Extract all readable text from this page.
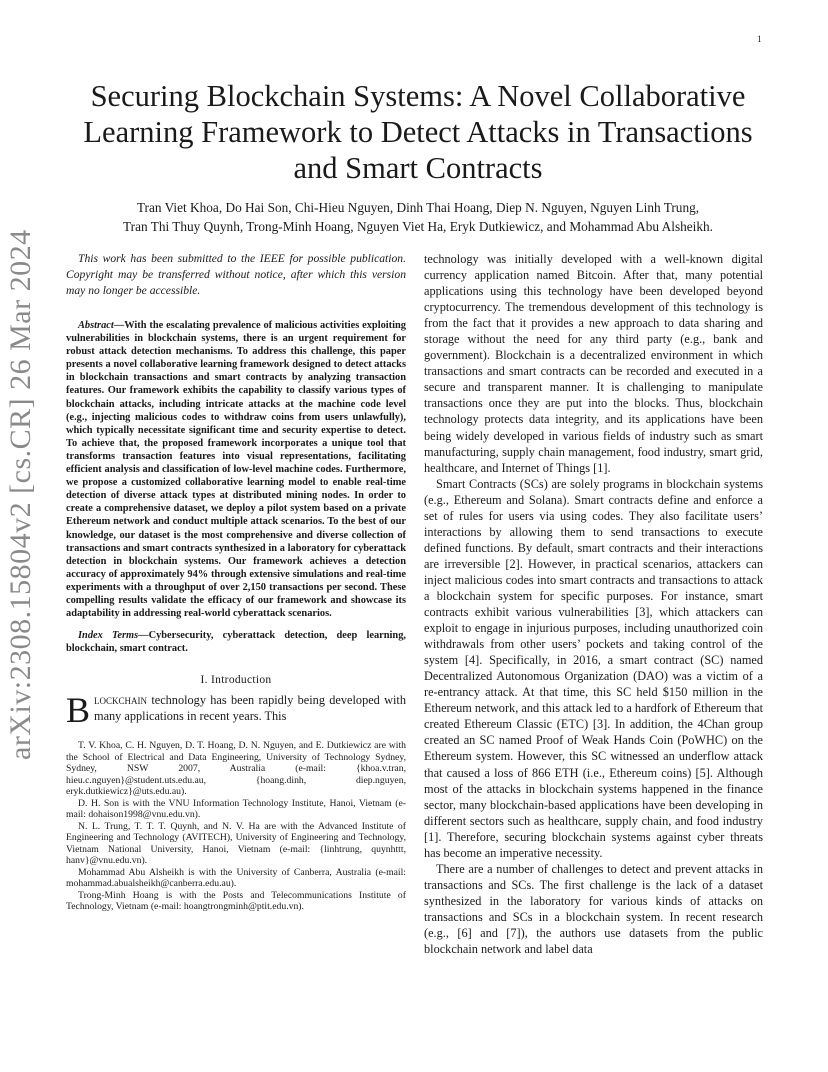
1
arXiv:2308.15804v2 [cs.CR] 26 Mar 2024
Securing Blockchain Systems: A Novel Collaborative Learning Framework to Detect Attacks in Transactions and Smart Contracts
Tran Viet Khoa, Do Hai Son, Chi-Hieu Nguyen, Dinh Thai Hoang, Diep N. Nguyen, Nguyen Linh Trung,
Tran Thi Thuy Quynh, Trong-Minh Hoang, Nguyen Viet Ha, Eryk Dutkiewicz, and Mohammad Abu Alsheikh.

This work has been submitted to the IEEE for possible publication. Copyright may be transferred without notice, after which this version may no longer be accessible.

Abstract—With the escalating prevalence of malicious activities exploiting vulnerabilities in blockchain systems, there is an urgent requirement for robust attack detection mechanisms. To address this challenge, this paper presents a novel collaborative learning framework designed to detect attacks in blockchain transactions and smart contracts by analyzing transaction features. Our framework exhibits the capability to classify various types of blockchain attacks, including intricate attacks at the machine code level (e.g., injecting malicious codes to withdraw coins from users unlawfully), which typically necessitate significant time and security expertise to detect. To achieve that, the proposed framework incorporates a unique tool that transforms transaction features into visual representations, facilitating efficient analysis and classification of low-level machine codes. Furthermore, we propose a customized collaborative learning model to enable real-time detection of diverse attack types at distributed mining nodes. In order to create a comprehensive dataset, we deploy a pilot system based on a private Ethereum network and conduct multiple attack scenarios. To the best of our knowledge, our dataset is the most comprehensive and diverse collection of transactions and smart contracts synthesized in a laboratory for cyberattack detection in blockchain systems. Our framework achieves a detection accuracy of approximately 94% through extensive simulations and real-time experiments with a throughput of over 2,150 transactions per second. These compelling results validate the efficacy of our framework and showcase its adaptability in addressing real-world cyberattack scenarios.

Index Terms—Cybersecurity, cyberattack detection, deep learning, blockchain, smart contract.

I. Introduction

Blockchain technology has been rapidly being developed with many applications in recent years. This

T. V. Khoa, C. H. Nguyen, D. T. Hoang, D. N. Nguyen, and E. Dutkiewicz are with the School of Electrical and Data Engineering, University of Technology Sydney, Sydney, NSW 2007, Australia (e-mail: {khoa.v.tran, hieu.c.nguyen}@student.uts.edu.au, {hoang.dinh, diep.nguyen, eryk.dutkiewicz}@uts.edu.au).

D. H. Son is with the VNU Information Technology Institute, Hanoi, Vietnam (e-mail: dohaison1998@vnu.edu.vn).

N. L. Trung, T. T. T. Quynh, and N. V. Ha are with the Advanced Institute of Engineering and Technology (AVITECH), University of Engineering and Technology, Vietnam National University, Hanoi, Vietnam (e-mail: {linhtrung, quynhttt, hanv}@vnu.edu.vn).

Mohammad Abu Alsheikh is with the University of Canberra, Australia (e-mail: mohammad.abualsheikh@canberra.edu.au).

Trong-Minh Hoang is with the Posts and Telecommunications Institute of Technology, Vietnam (e-mail: hoangtrongminh@ptit.edu.vn).

technology was initially developed with a well-known digital currency application named Bitcoin. After that, many potential applications using this technology have been developed beyond cryptocurrency. The tremendous development of this technology is from the fact that it provides a new approach to data sharing and storage without the need for any third party (e.g., bank and government). Blockchain is a decentralized environment in which transactions and smart contracts can be recorded and executed in a secure and transparent manner. It is challenging to manipulate transactions once they are put into the blocks. Thus, blockchain technology protects data integrity, and its applications have been being widely developed in various fields of industry such as smart manufacturing, supply chain management, food industry, smart grid, healthcare, and Internet of Things [1].

Smart Contracts (SCs) are solely programs in blockchain systems (e.g., Ethereum and Solana). Smart contracts define and enforce a set of rules for users via using codes. They also facilitate users’ interactions by allowing them to send transactions to execute defined functions. By default, smart contracts and their interactions are irreversible [2]. However, in practical scenarios, attackers can inject malicious codes into smart contracts and transactions to attack a blockchain system for specific purposes. For instance, smart contracts exhibit various vulnerabilities [3], which attackers can exploit to engage in injurious purposes, including unauthorized coin withdrawals from other users’ pockets and taking control of the system [4]. Specifically, in 2016, a smart contract (SC) named Decentralized Autonomous Organization (DAO) was a victim of a re-entrancy attack. At that time, this SC held $150 million in the Ethereum network, and this attack led to a hardfork of Ethereum that created Ethereum Classic (ETC) [3]. In addition, the 4Chan group created an SC named Proof of Weak Hands Coin (PoWHC) on the Ethereum system. However, this SC witnessed an underflow attack that caused a loss of 866 ETH (i.e., Ethereum coins) [5]. Although most of the attacks in blockchain systems happened in the finance sector, many blockchain-based applications have been developing in different sectors such as healthcare, supply chain, and food industry [1]. Therefore, securing blockchain systems against cyber threats has become an imperative necessity.

There are a number of challenges to detect and prevent attacks in transactions and SCs. The first challenge is the lack of a dataset synthesized in the laboratory for various kinds of attacks on transactions and SCs in a blockchain system. In recent research (e.g., [6] and [7]), the authors use datasets from the public blockchain network and label data
